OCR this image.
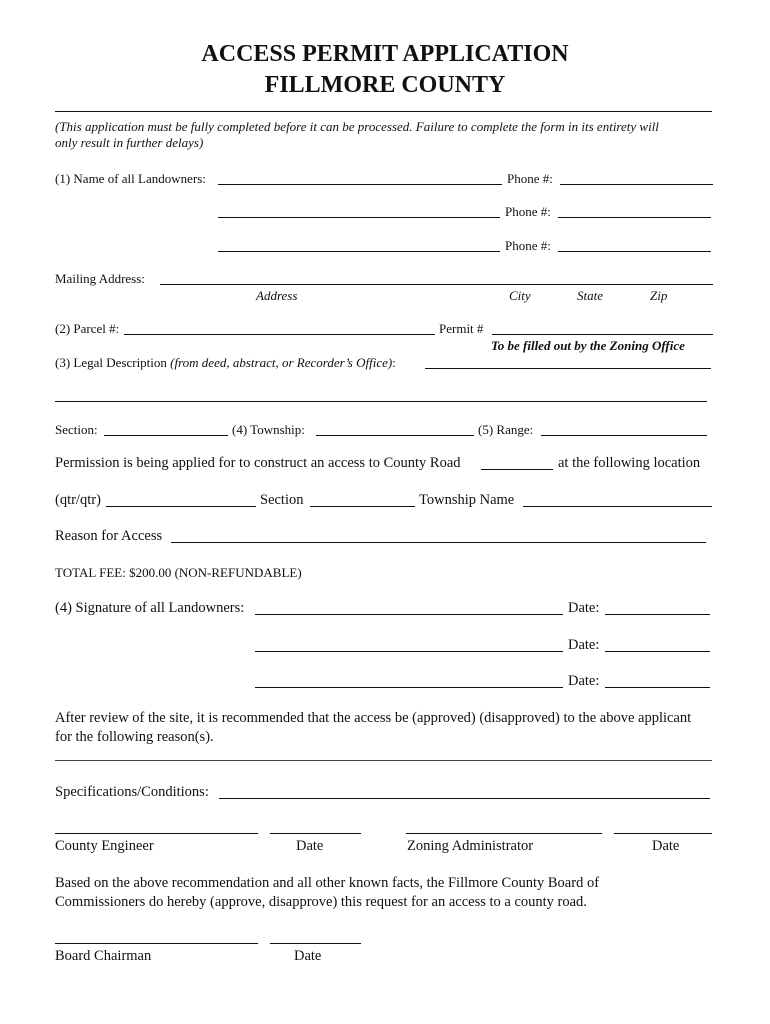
ACCESS PERMIT APPLICATION
FILLMORE COUNTY
(This application must be fully completed before it can be processed. Failure to complete the form in its entirety will
only result in further delays)
(1) Name of all Landowners:	Phone #:
Phone #:
Phone #:
Mailing Address:
Address	City	State	Zip
(2) Parcel #:	Permit #
To be filled out by the Zoning Office
(3) Legal Description (from deed, abstract, or Recorder’s Office):
Section:	(4) Township:	(5) Range:
Permission is being applied for to construct an access to County Road	at the following location
(qtr/qtr)	Section	Township Name
Reason for Access
TOTAL FEE: $200.00 (NON-REFUNDABLE)
(4) Signature of all Landowners:	Date:
Date:
Date:
After review of the site, it is recommended that the access be (approved) (disapproved) to the above applicant
for the following reason(s).
Specifications/Conditions:
County Engineer	Date	Zoning Administrator	Date
Based on the above recommendation and all other known facts, the Fillmore County Board of
Commissioners do hereby (approve, disapprove) this request for an access to a county road.
Board Chairman	Date
